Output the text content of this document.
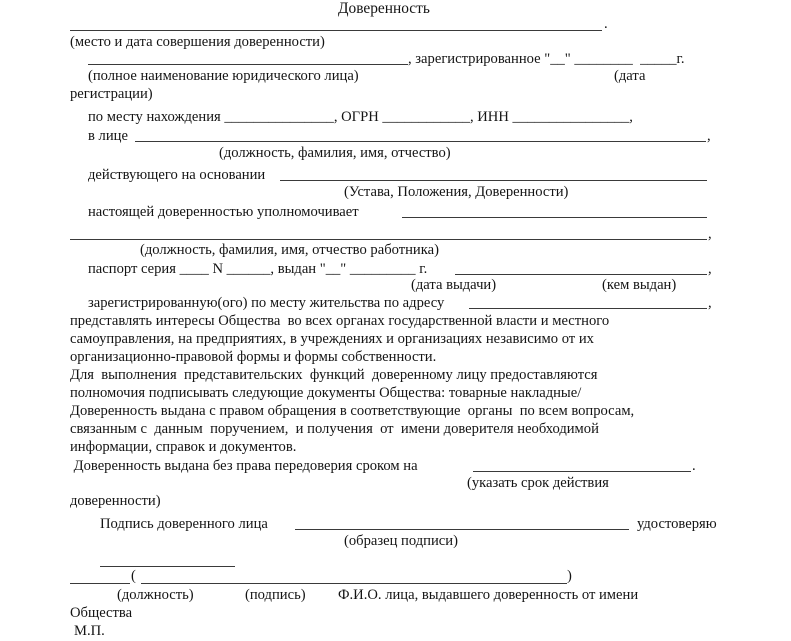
Доверенность
.
(место и дата совершения доверенности)
, зарегистрированное "__" ________  _____г.
(полное наименование юридического лица)	(дата
регистрации)
по месту нахождения _______________, ОГРН ____________, ИНН ________________,
в лице	,
(должность, фамилия, имя, отчество)
действующего на основании
(Устава, Положения, Доверенности)
настоящей доверенностью уполномочивает
,
(должность, фамилия, имя, отчество работника)
паспорт серия ____ N ______, выдан "__" _________ г.	,
(дата выдачи)	(кем выдан)
зарегистрированную(ого) по месту жительства по адресу	,
представлять интересы Общества  во всех органах государственной власти и местного
самоуправления, на предприятиях, в учреждениях и организациях независимо от их
организационно-правовой формы и формы собственности.
Для  выполнения  представительских  функций  доверенному лицу предоставляются
полномочия подписывать следующие документы Общества: товарные накладные/
Доверенность выдана с правом обращения в соответствующие  органы  по всем вопросам,
связанным с  данным  поручением,  и получения  от  имени доверителя необходимой
информации, справок и документов.
Доверенность выдана без права передоверия сроком на	.
(указать срок действия
доверенности)
Подпись доверенного лица	удостоверяю
(образец подписи)
(	)
(должность)	(подпись) Ф.И.О. лица, выдавшего доверенность от имени
Общества
М.П.
